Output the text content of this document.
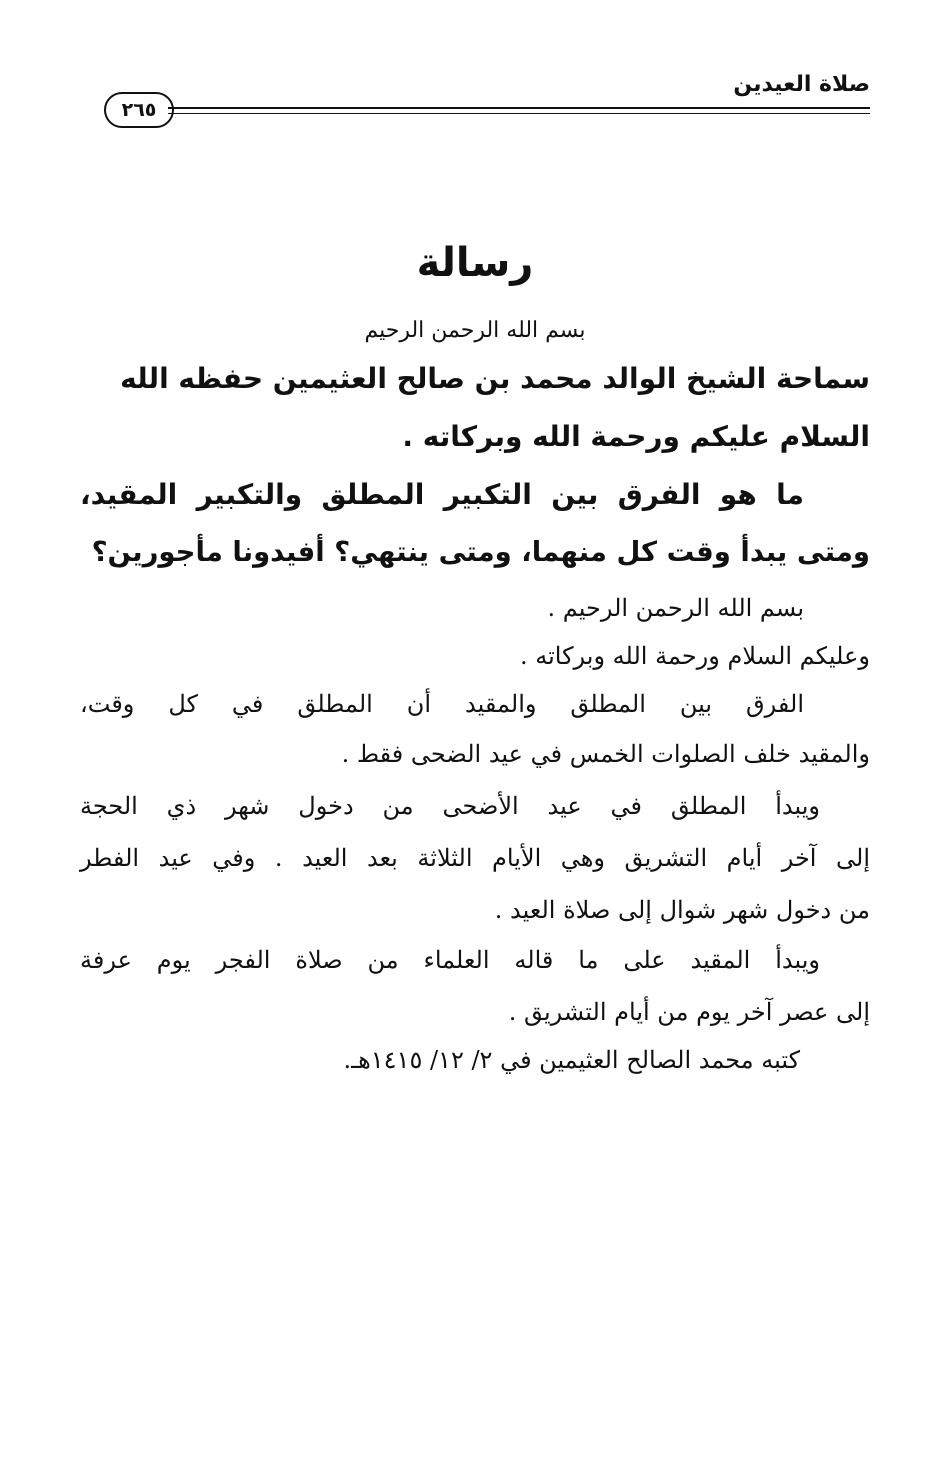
صلاة العيدين
٢٦٥
رسالة
بسم الله الرحمن الرحيم
سماحة الشيخ الوالد محمد بن صالح العثيمين حفظه الله
السلام عليكم ورحمة الله وبركاته .
ما هو الفرق بين التكبير المطلق والتكبير المقيد،
ومتى يبدأ وقت كل منهما، ومتى ينتهي؟ أفيدونا مأجورين؟
بسم الله الرحمن الرحيم .
وعليكم السلام ورحمة الله وبركاته .
الفرق بين المطلق والمقيد أن المطلق في كل وقت،
والمقيد خلف الصلوات الخمس في عيد الضحى فقط .
ويبدأ المطلق في عيد الأضحى من دخول شهر ذي الحجة
إلى آخر أيام التشريق وهي الأيام الثلاثة بعد العيد . وفي عيد الفطر
من دخول شهر شوال إلى صلاة العيد .
ويبدأ المقيد على ما قاله العلماء من صلاة الفجر يوم عرفة
إلى عصر آخر يوم من أيام التشريق .
كتبه محمد الصالح العثيمين في ٢/ ١٢/ ١٤١٥هـ.
